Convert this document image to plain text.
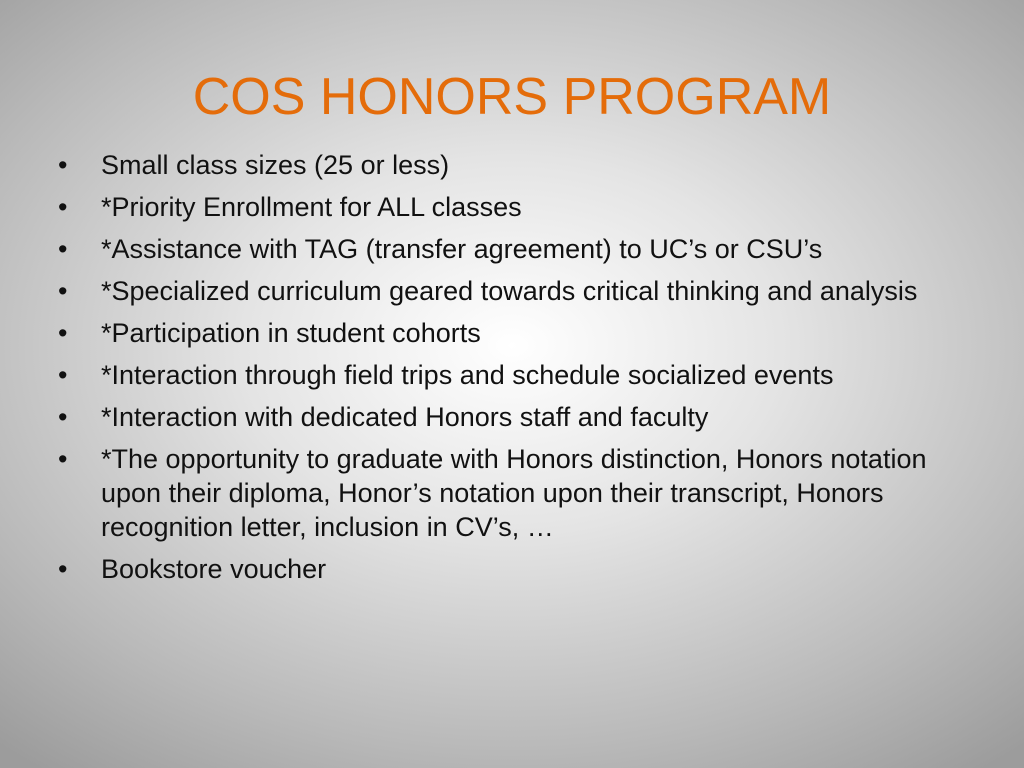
COS HONORS PROGRAM
•	Small class sizes (25 or less)
•	*Priority Enrollment for ALL classes
•	*Assistance with TAG (transfer agreement) to UC’s or CSU’s
•	*Specialized curriculum geared towards critical thinking and analysis
•	*Participation in student cohorts
•	*Interaction through field trips and schedule socialized events
•	*Interaction with dedicated Honors staff and faculty
•	*The opportunity to graduate with Honors distinction, Honors notation upon their diploma, Honor’s notation upon their transcript, Honors recognition letter, inclusion in CV’s, …
•	Bookstore voucher
